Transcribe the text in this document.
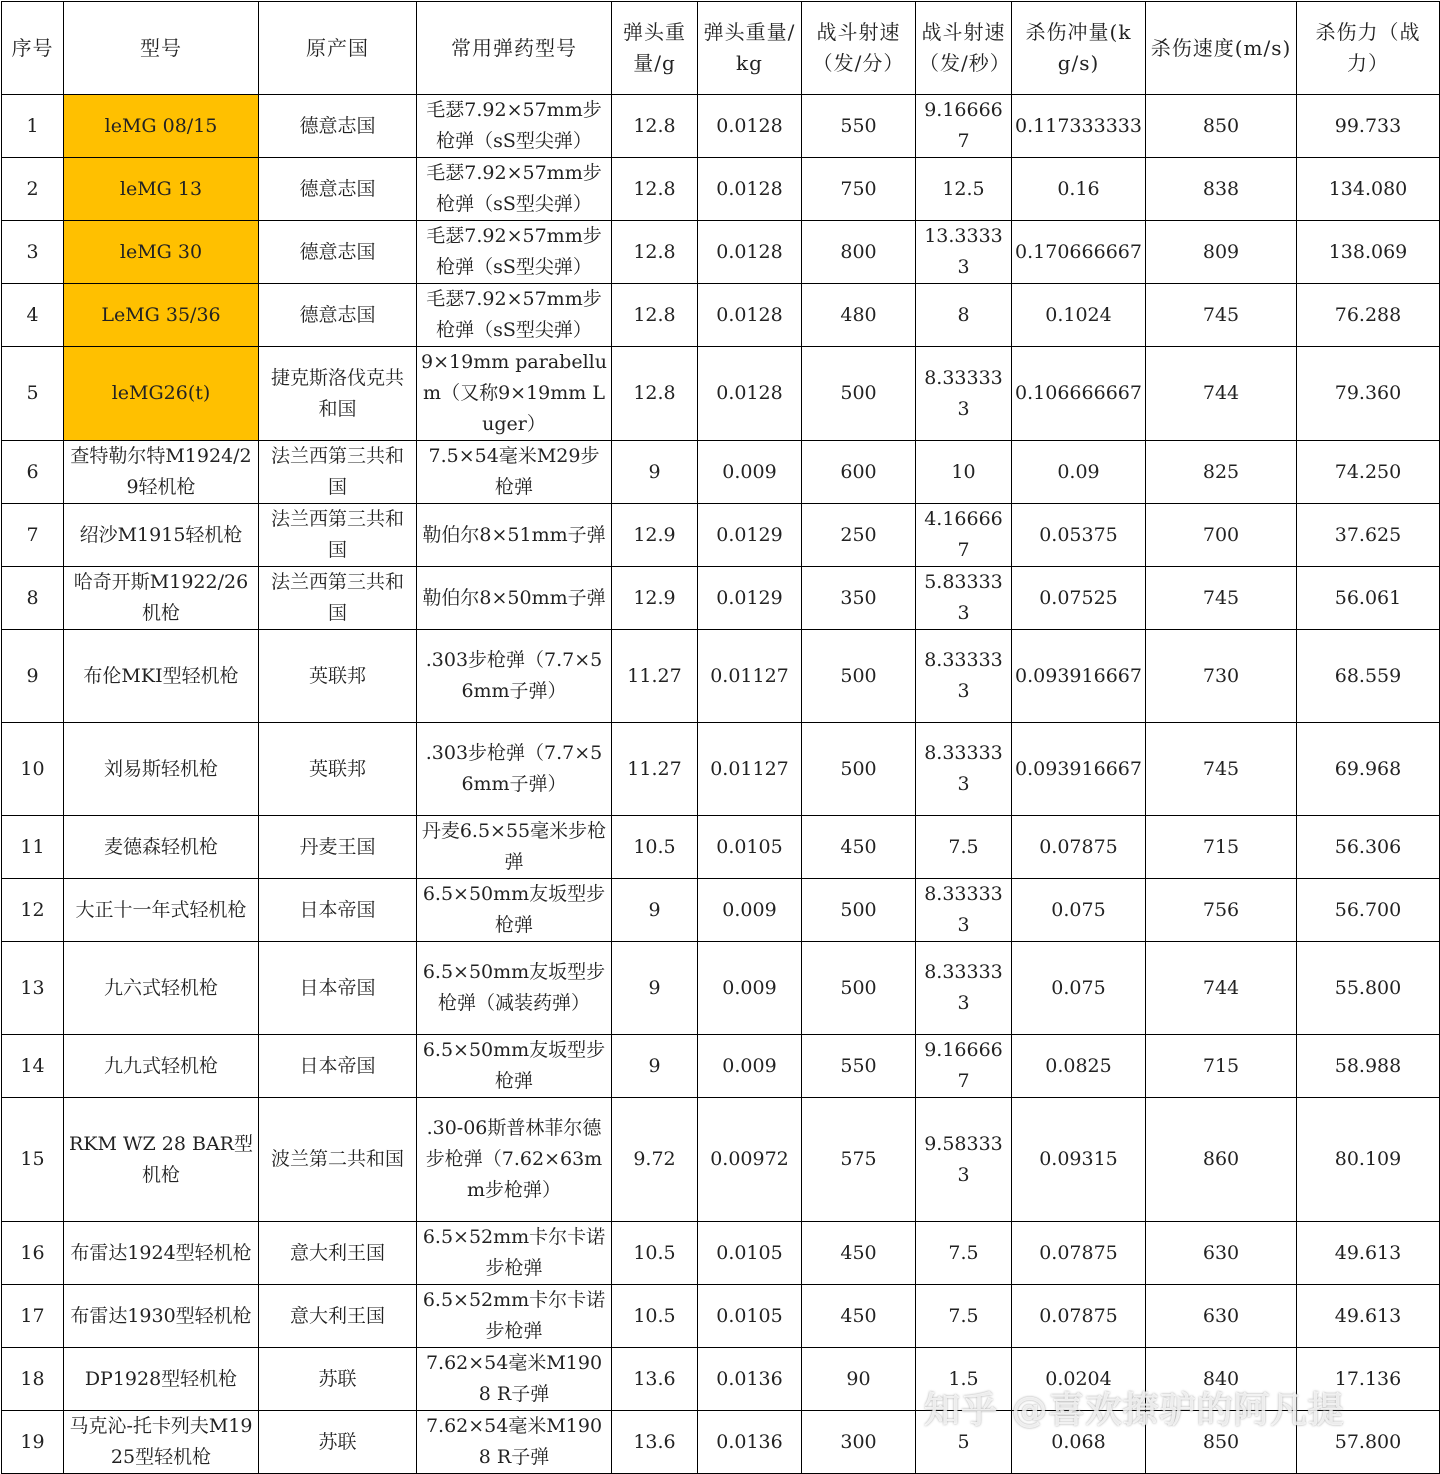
序号	型号	原产国	常用弹药型号	弹头重量/g	弹头重量/kg	战斗射速（发/分）	战斗射速（发/秒）	杀伤冲量(kg/s)	杀伤速度(m/s)	杀伤力（战力）
1	leMG 08/15	德意志国	毛瑟7.92×57mm步枪弹（sS型尖弹）	12.8	0.0128	550	9.166667	0.117333333	850	99.733
2	leMG 13	德意志国	毛瑟7.92×57mm步枪弹（sS型尖弹）	12.8	0.0128	750	12.5	0.16	838	134.080
3	leMG 30	德意志国	毛瑟7.92×57mm步枪弹（sS型尖弹）	12.8	0.0128	800	13.33333	0.170666667	809	138.069
4	LeMG 35/36	德意志国	毛瑟7.92×57mm步枪弹（sS型尖弹）	12.8	0.0128	480	8	0.1024	745	76.288
5	leMG26(t)	捷克斯洛伐克共和国	9×19mm parabellum（又称9×19mm Luger）	12.8	0.0128	500	8.333333	0.106666667	744	79.360
6	查特勒尔特M1924/29轻机枪	法兰西第三共和国	7.5×54毫米M29步枪弹	9	0.009	600	10	0.09	825	74.250
7	绍沙M1915轻机枪	法兰西第三共和国	勒伯尔8×51mm子弹	12.9	0.0129	250	4.166667	0.05375	700	37.625
8	哈奇开斯M1922/26机枪	法兰西第三共和国	勒伯尔8×50mm子弹	12.9	0.0129	350	5.833333	0.07525	745	56.061
9	布伦MKⅠ型轻机枪	英联邦	.303步枪弹（7.7×56mm子弹）	11.27	0.01127	500	8.333333	0.093916667	730	68.559
10	刘易斯轻机枪	英联邦	.303步枪弹（7.7×56mm子弹）	11.27	0.01127	500	8.333333	0.093916667	745	69.968
11	麦德森轻机枪	丹麦王国	丹麦6.5×55毫米步枪弹	10.5	0.0105	450	7.5	0.07875	715	56.306
12	大正十一年式轻机枪	日本帝国	6.5×50mm友坂型步枪弹	9	0.009	500	8.333333	0.075	756	56.700
13	九六式轻机枪	日本帝国	6.5×50mm友坂型步枪弹（减装药弹）	9	0.009	500	8.333333	0.075	744	55.800
14	九九式轻机枪	日本帝国	6.5×50mm友坂型步枪弹	9	0.009	550	9.166667	0.0825	715	58.988
15	RKM WZ 28 BAR型机枪	波兰第二共和国	.30-06斯普林菲尔德步枪弹（7.62×63mm步枪弹）	9.72	0.00972	575	9.583333	0.09315	860	80.109
16	布雷达1924型轻机枪	意大利王国	6.5×52mm卡尔卡诺步枪弹	10.5	0.0105	450	7.5	0.07875	630	49.613
17	布雷达1930型轻机枪	意大利王国	6.5×52mm卡尔卡诺步枪弹	10.5	0.0105	450	7.5	0.07875	630	49.613
18	DP1928型轻机枪	苏联	7.62×54毫米M1908 R子弹	13.6	0.0136	90	1.5	0.0204	840	17.136
19	马克沁-托卡列夫M1925型轻机枪	苏联	7.62×54毫米M1908 R子弹	13.6	0.0136	300	5	0.068	850	57.800
知乎 @喜欢撩驴的阿凡提
